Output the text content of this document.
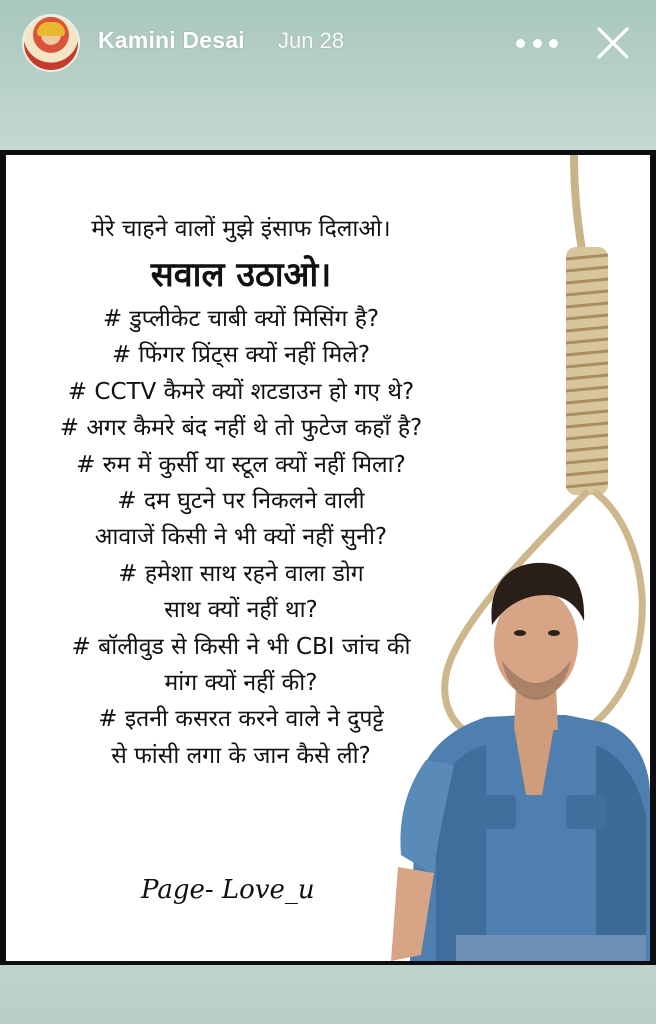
Kamini Desai Jun 28
मेरे चाहने वालों मुझे इंसाफ दिलाओ।
सवाल उठाओ।
# डुप्लीकेट चाबी क्यों मिसिंग है?
# फिंगर प्रिंट्स क्यों नहीं मिले?
# CCTV कैमरे क्यों शटडाउन हो गए थे?
# अगर कैमरे बंद नहीं थे तो फुटेज कहाँ है?
# रुम में कुर्सी या स्टूल क्यों नहीं मिला?
# दम घुटने पर निकलने वाली
आवाजें किसी ने भी क्यों नहीं सुनी?
# हमेशा साथ रहने वाला डोग
साथ क्यों नहीं था?
# बॉलीवुड से किसी ने भी CBI जांच की
मांग क्यों नहीं की?
# इतनी कसरत करने वाले ने दुपट्टे
से फांसी लगा के जान कैसे ली?
Page- Love_u
